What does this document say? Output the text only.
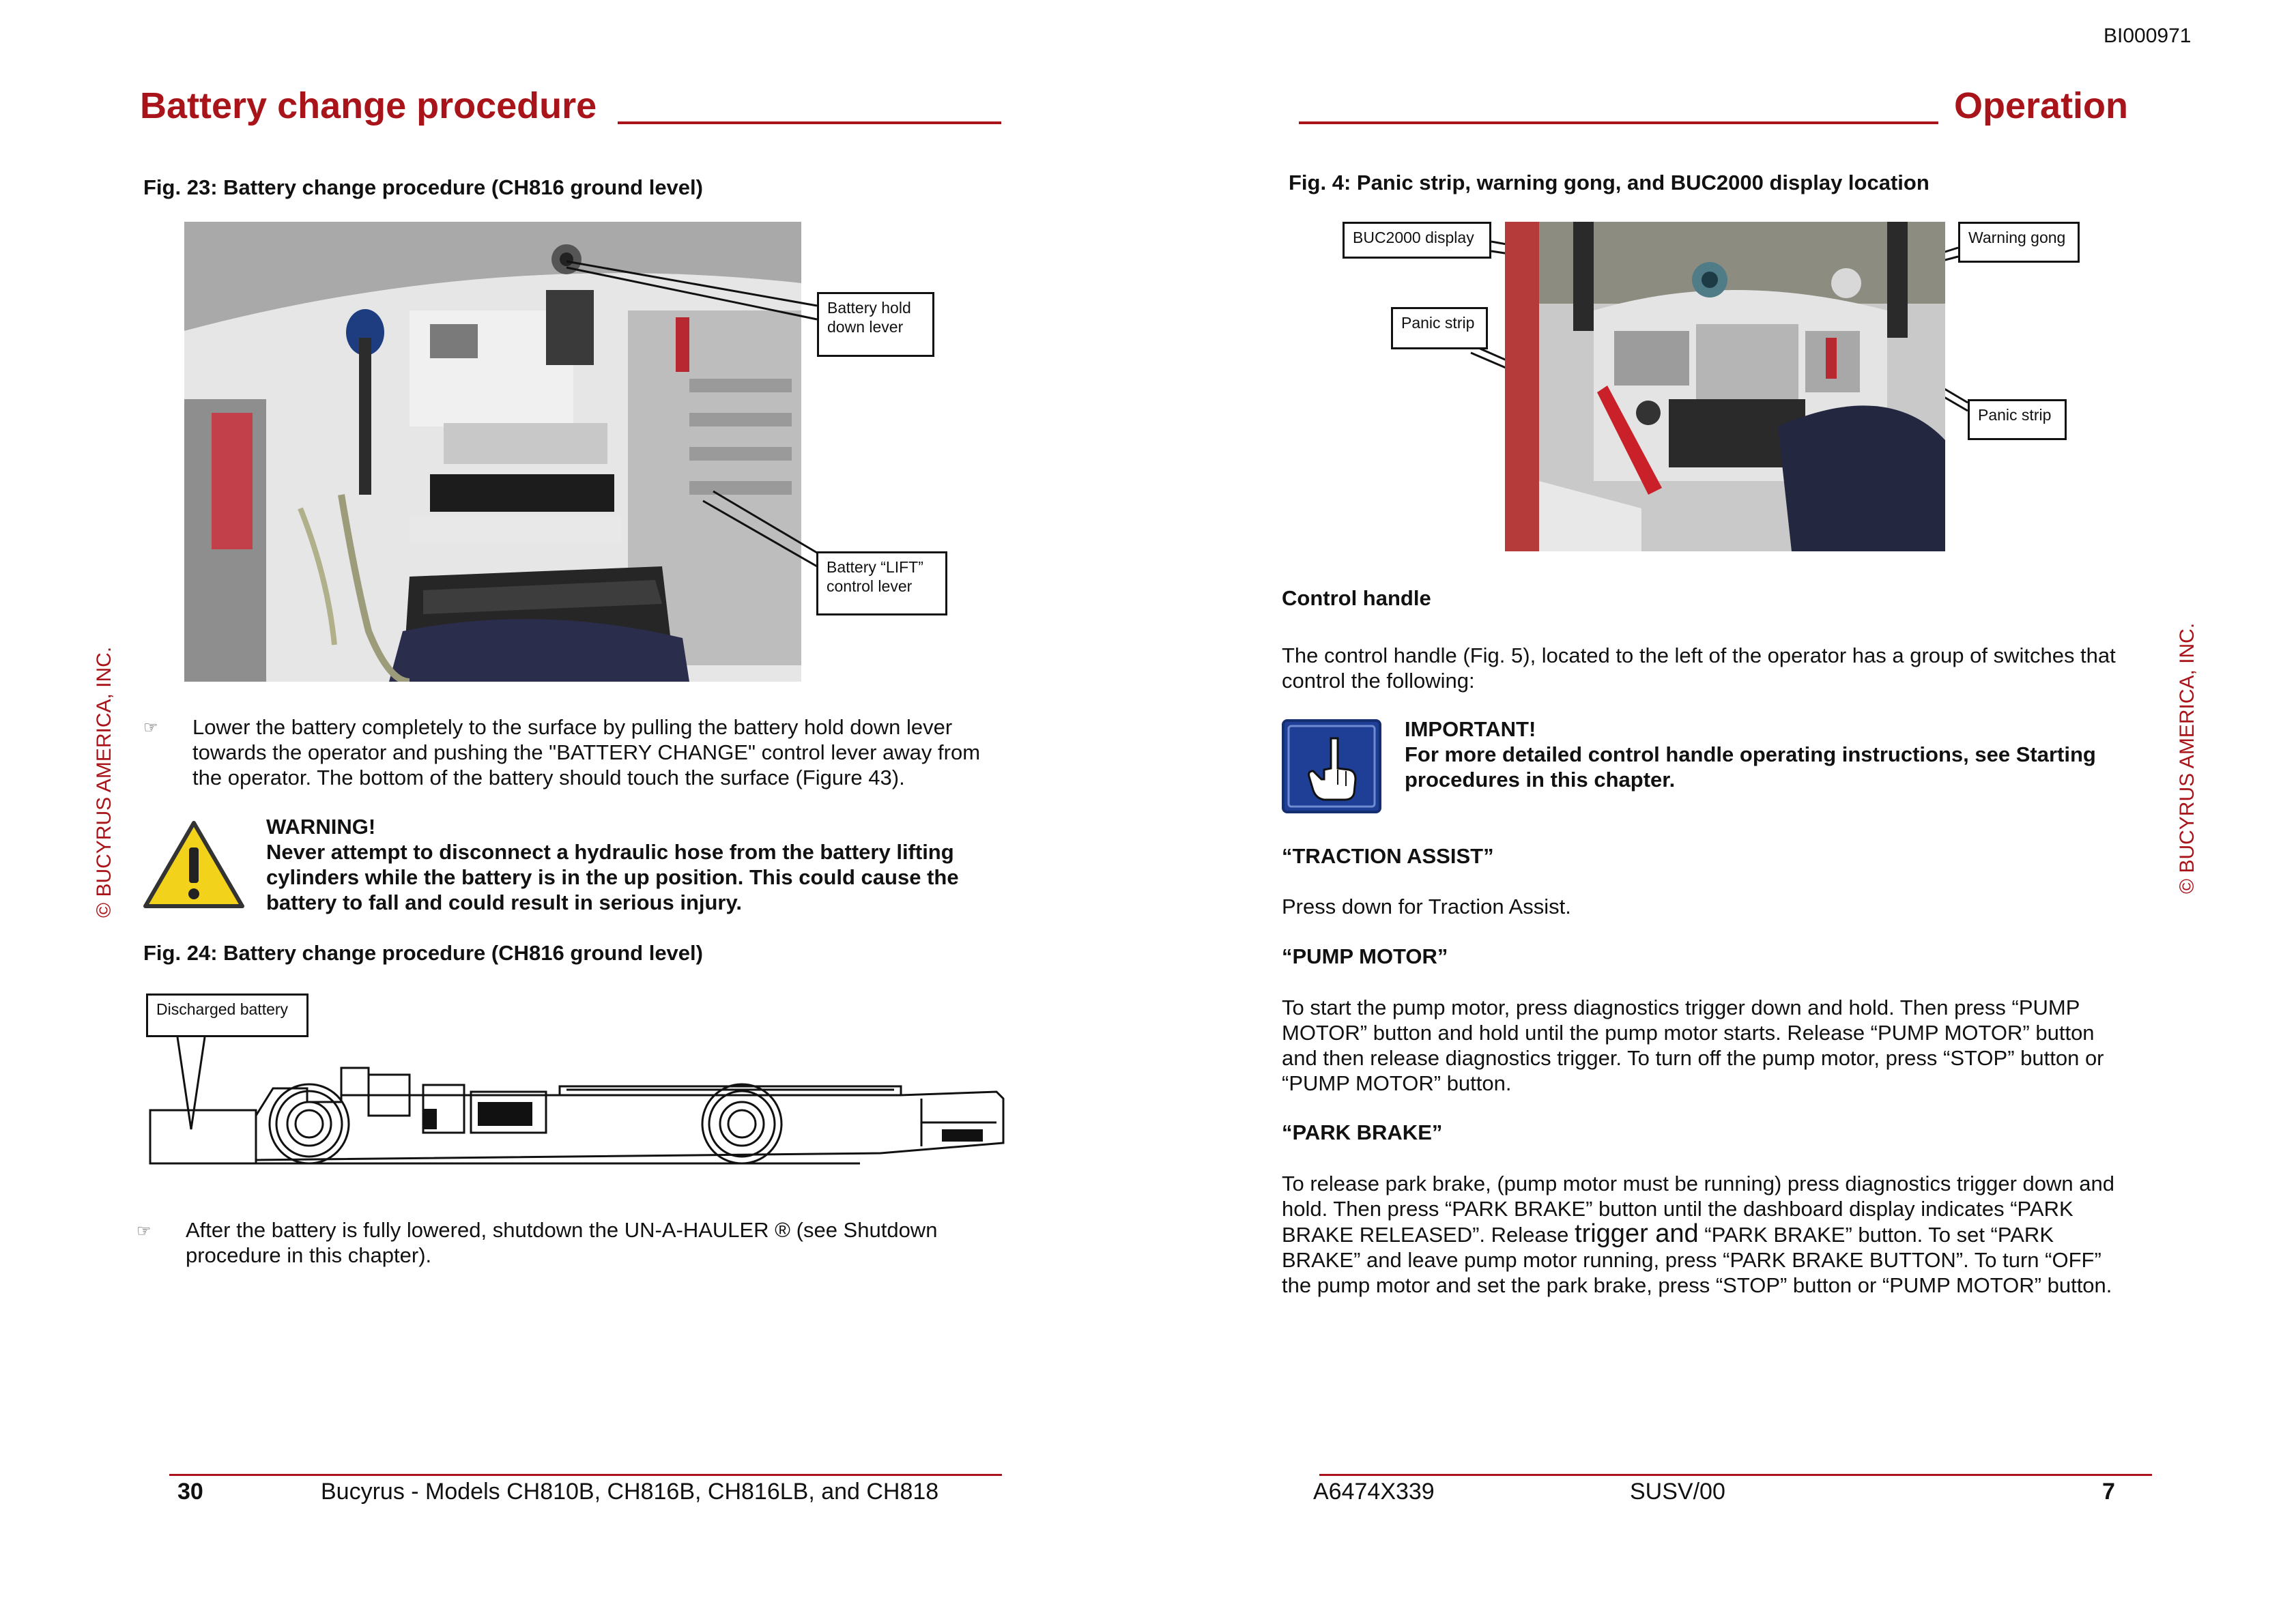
BI000971
Battery change procedure
© BUCYRUS AMERICA, INC.
Fig. 23: Battery change procedure (CH816 ground level)
Battery hold
down lever
Battery “LIFT”
control lever
☞ Lower the battery completely to the surface by pulling the battery hold down lever
towards the operator and pushing the "BATTERY CHANGE" control lever away from
the operator. The bottom of the battery should touch the surface (Figure 43).
WARNING!
Never attempt to disconnect a hydraulic hose from the battery lifting
cylinders while the battery is in the up position. This could cause the
battery to fall and could result in serious injury.
Fig. 24: Battery change procedure (CH816 ground level)
Discharged battery
☞ After the battery is fully lowered, shutdown the UN-A-HAULER ® (see Shutdown
procedure in this chapter).
30	Bucyrus - Models CH810B, CH816B, CH816LB, and CH818
Operation
© BUCYRUS AMERICA, INC.
Fig. 4: Panic strip, warning gong, and BUC2000 display location
BUC2000 display	Warning gong
Panic strip
Panic strip
Control handle
The control handle (Fig. 5), located to the left of the operator has a group of switches that
control the following:
IMPORTANT!
For more detailed control handle operating instructions, see Starting
procedures in this chapter.
“TRACTION ASSIST”
Press down for Traction Assist.
“PUMP MOTOR”
To start the pump motor, press diagnostics trigger down and hold. Then press “PUMP
MOTOR” button and hold until the pump motor starts. Release “PUMP MOTOR” button
and then release diagnostics trigger. To turn off the pump motor, press “STOP” button or
“PUMP MOTOR” button.
“PARK BRAKE”
To release park brake, (pump motor must be running) press diagnostics trigger down and
hold. Then press “PARK BRAKE” button until the dashboard display indicates “PARK
BRAKE RELEASED”. Release trigger and “PARK BRAKE” button. To set “PARK
BRAKE” and leave pump motor running, press “PARK BRAKE BUTTON”. To turn “OFF”
the pump motor and set the park brake, press “STOP” button or “PUMP MOTOR” button.
A6474X339	SUSV/00	7
